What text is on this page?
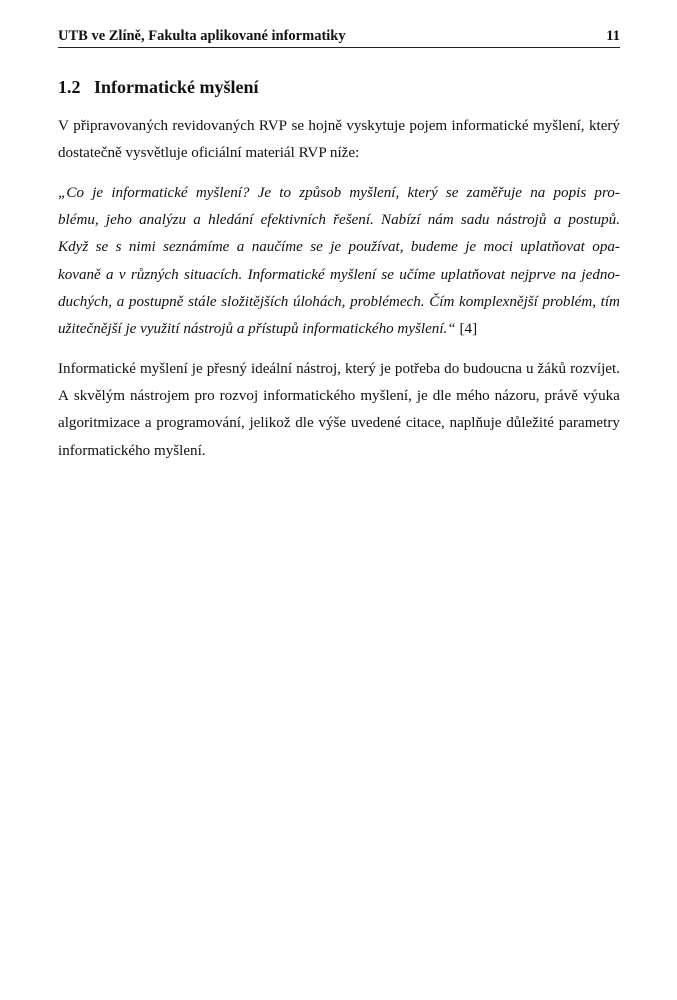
UTB ve Zlíně, Fakulta aplikované informatiky	11
1.2 Informatické myšlení

V připravovaných revidovaných RVP se hojně vyskytuje pojem informatické myšlení, který
dostatečně vysvětluje oficiální materiál RVP níže:

„Co je informatické myšlení? Je to způsob myšlení, který se zaměřuje na popis pro-
blému, jeho analýzu a hledání efektivních řešení. Nabízí nám sadu nástrojů a postupů.
Když se s nimi seznámíme a naučíme se je používat, budeme je moci uplatňovat opa-
kovaně a v různých situacích. Informatické myšlení se učíme uplatňovat nejprve na jedno-
duchých, a postupně stále složitějších úlohách, problémech. Čím komplexnější problém, tím
užitečnější je využití nástrojů a přístupů informatického myšlení.“ [4]

Informatické myšlení je přesný ideální nástroj, který je potřeba do budoucna u žáků rozvíjet.
A skvělým nástrojem pro rozvoj informatického myšlení, je dle mého názoru, právě výuka
algoritmizace a programování, jelikož dle výše uvedené citace, naplňuje důležité parametry
informatického myšlení.
